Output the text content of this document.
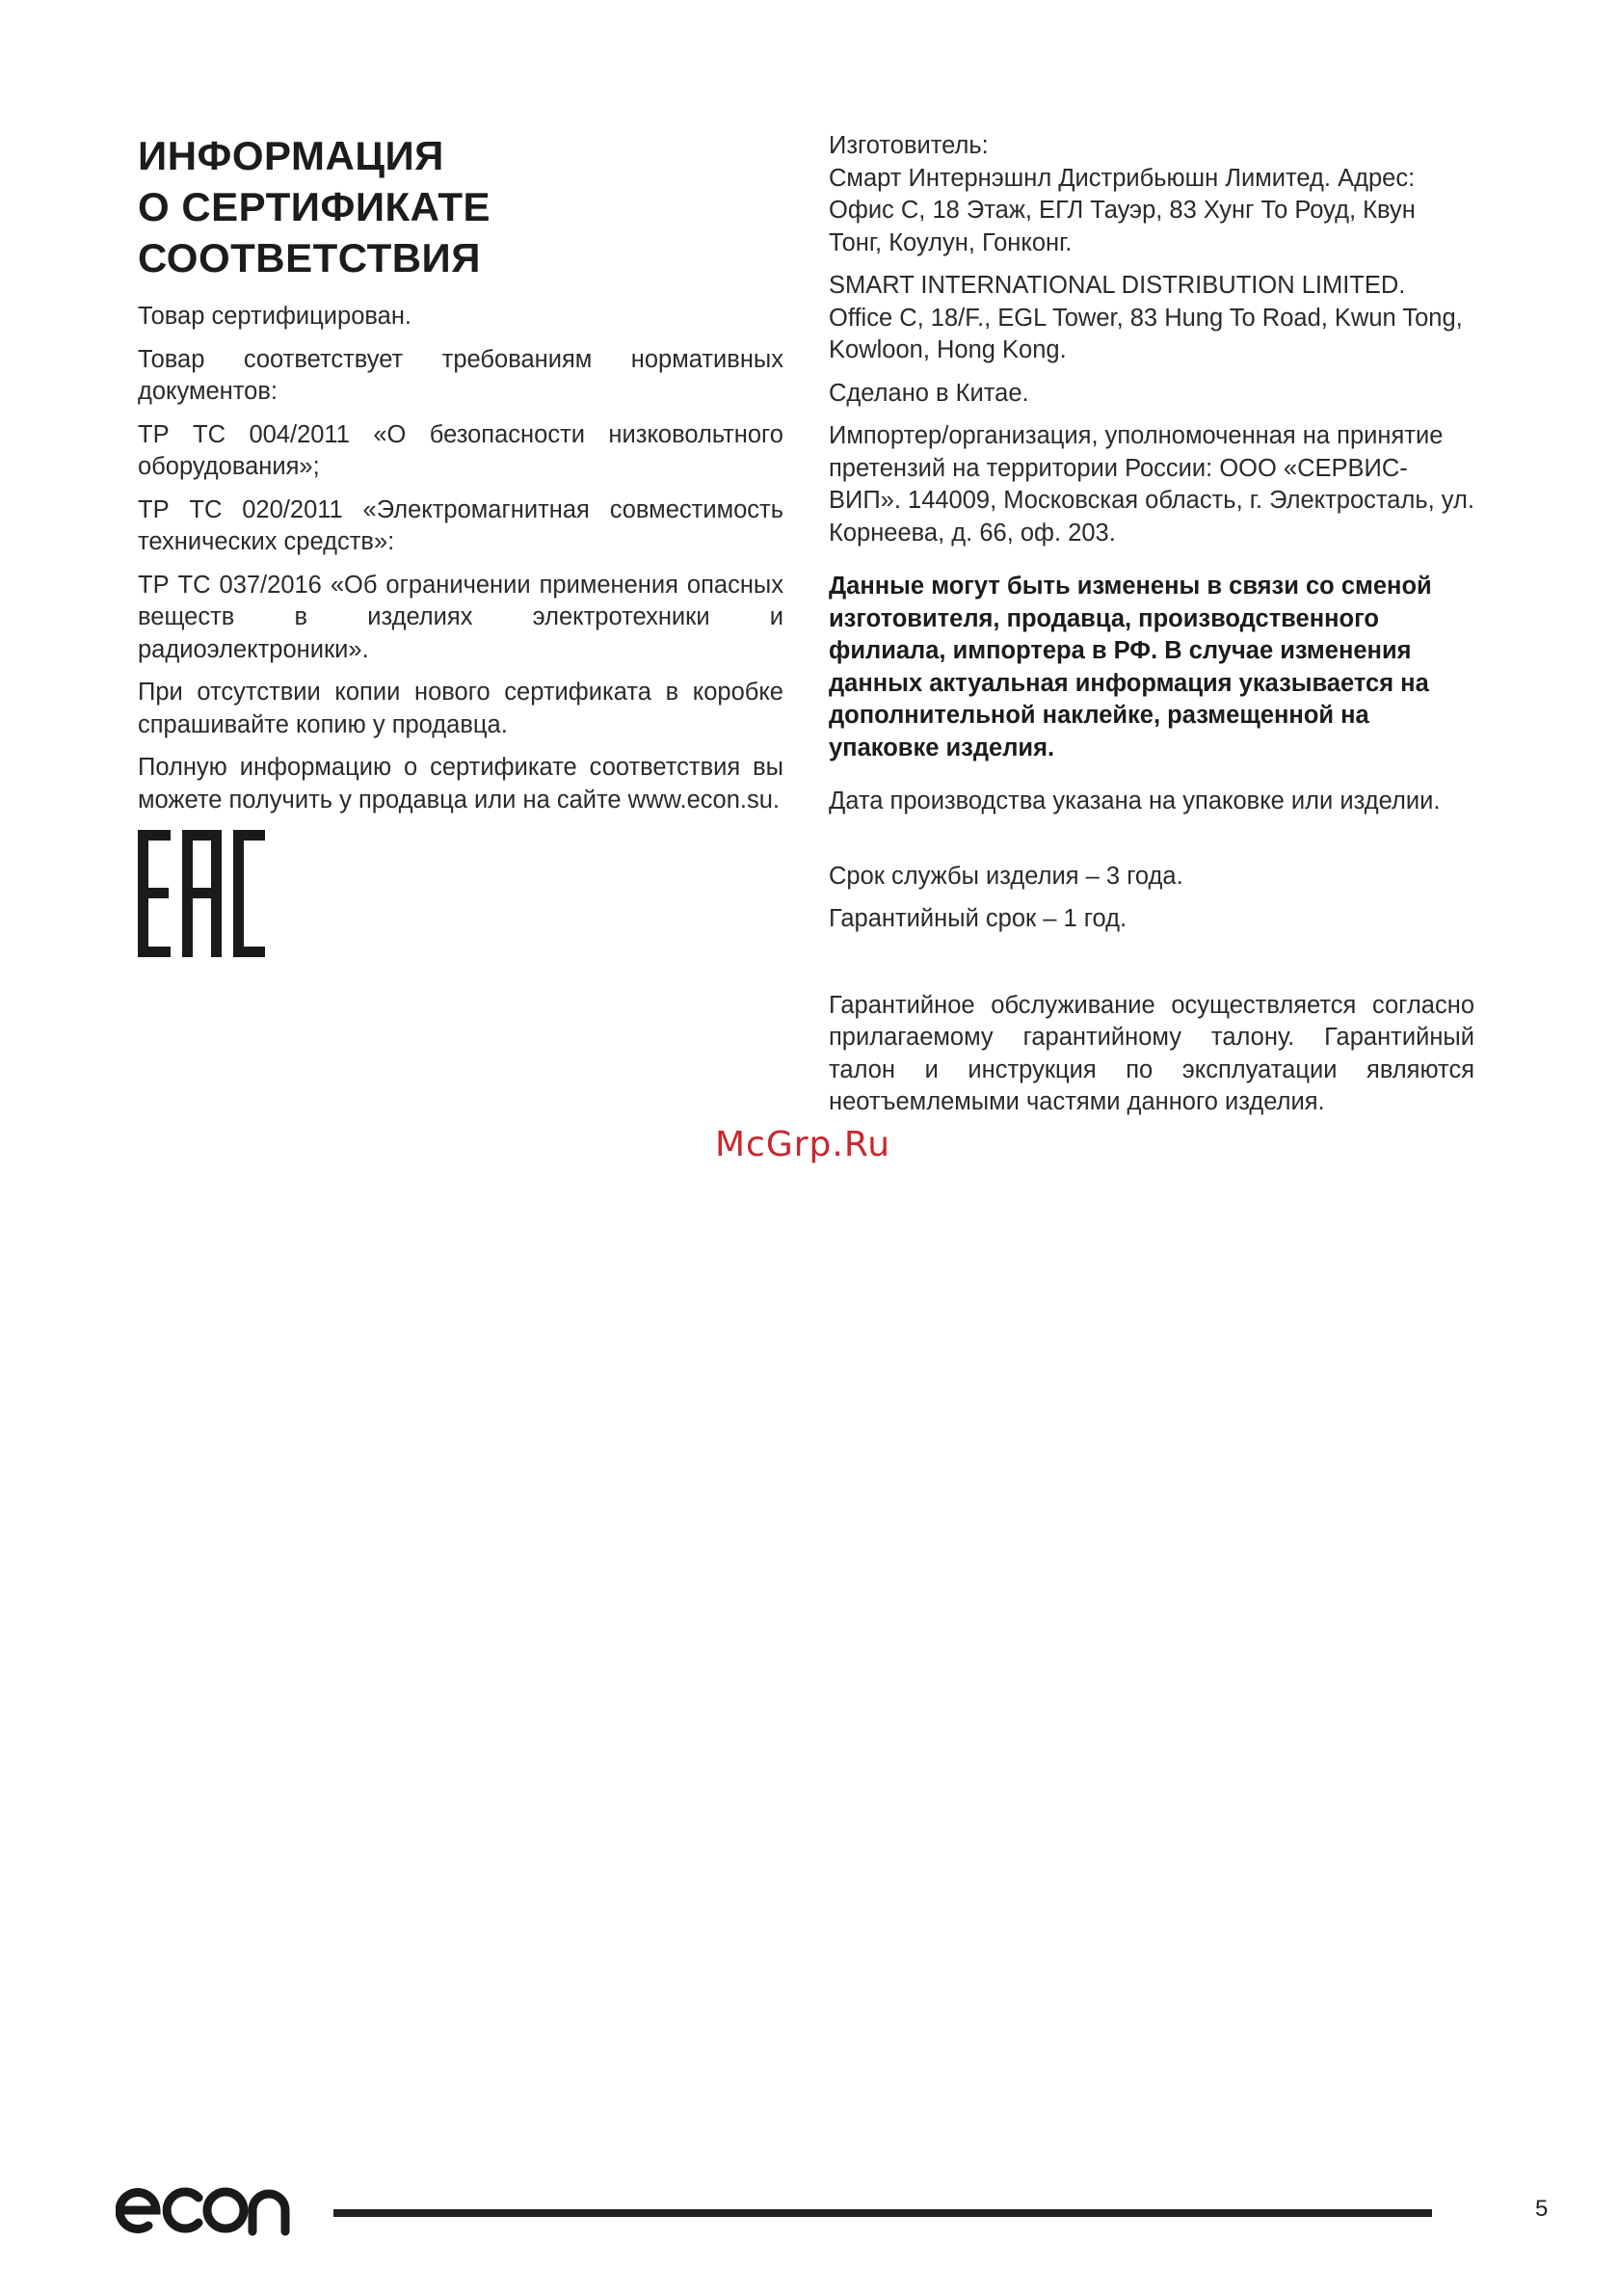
ИНФОРМАЦИЯ
О СЕРТИФИКАТЕ
СООТВЕТСТВИЯ

Товар сертифицирован.

Товар соответствует требованиям нормативных документов:

ТР ТС 004/2011 «О безопасности низковольтного оборудования»;

ТР ТС 020/2011 «Электромагнитная совместимость технических средств»:

ТР ТС 037/2016 «Об ограничении применения опасных веществ в изделиях электротехники и радиоэлектроники».

При отсутствии копии нового сертификата в коробке спрашивайте копию у продавца.

Полную информацию о сертификате соответствия вы можете получить у продавца или на сайте www.econ.su.

Изготовитель:

Смарт Интернэшнл Дистрибьюшн Лимитед. Адрес: Офис С, 18 Этаж, ЕГЛ Тауэр, 83 Хунг То Роуд, Квун Тонг, Коулун, Гонконг.

SMART INTERNATIONAL DISTRIBUTION LIMITED. Office C, 18/F., EGL Tower, 83 Hung To Road, Kwun Tong, Kowloon, Hong Kong.

Сделано в Китае.

Импортер/организация, уполномоченная на принятие претензий на территории России: ООО «СЕРВИС-ВИП». 144009, Московская область, г. Электросталь, ул. Корнеева, д. 66, оф. 203.

Данные могут быть изменены в связи со сменой изготовителя, продавца, производственного филиала, импортера в РФ. В случае изменения данных актуальная информация указывается на дополнительной наклейке, размещенной на упаковке изделия.

Дата производства указана на упаковке или изделии.

Срок службы изделия – 3 года.

Гарантийный срок – 1 год.

Гарантийное обслуживание осуществляется согласно прилагаемому гарантийному талону. Гарантийный талон и инструкция по эксплуатации являются неотъемлемыми частями данного изделия.

McGrp.Ru
5
